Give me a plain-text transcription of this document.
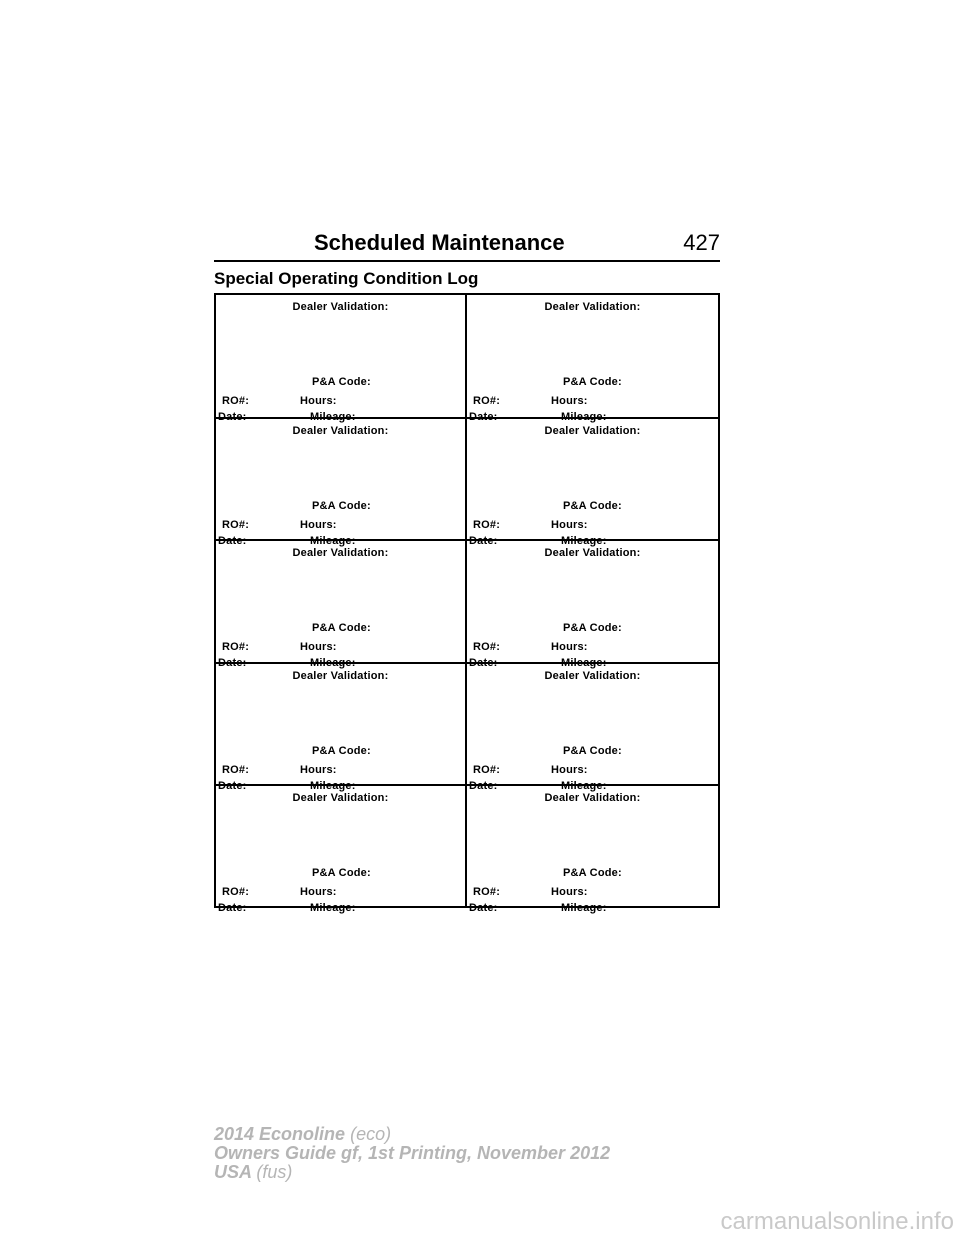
Scheduled Maintenance	427
Special Operating Condition Log
Dealer Validation:
P&A Code:
RO#:	Hours:
Date:	Mileage:
Dealer Validation:
P&A Code:
RO#:	Hours:
Date:	Mileage:
Dealer Validation:
P&A Code:
RO#:	Hours:
Date:	Mileage:
Dealer Validation:
P&A Code:
RO#:	Hours:
Date:	Mileage:
Dealer Validation:
P&A Code:
RO#:	Hours:
Date:	Mileage:
Dealer Validation:
P&A Code:
RO#:	Hours:
Date:	Mileage:
Dealer Validation:
P&A Code:
RO#:	Hours:
Date:	Mileage:
Dealer Validation:
P&A Code:
RO#:	Hours:
Date:	Mileage:
Dealer Validation:
P&A Code:
RO#:	Hours:
Date:	Mileage:
Dealer Validation:
P&A Code:
RO#:	Hours:
Date:	Mileage:
2014 Econoline (eco)
Owners Guide gf, 1st Printing, November 2012
USA (fus)
carmanualsonline.info
